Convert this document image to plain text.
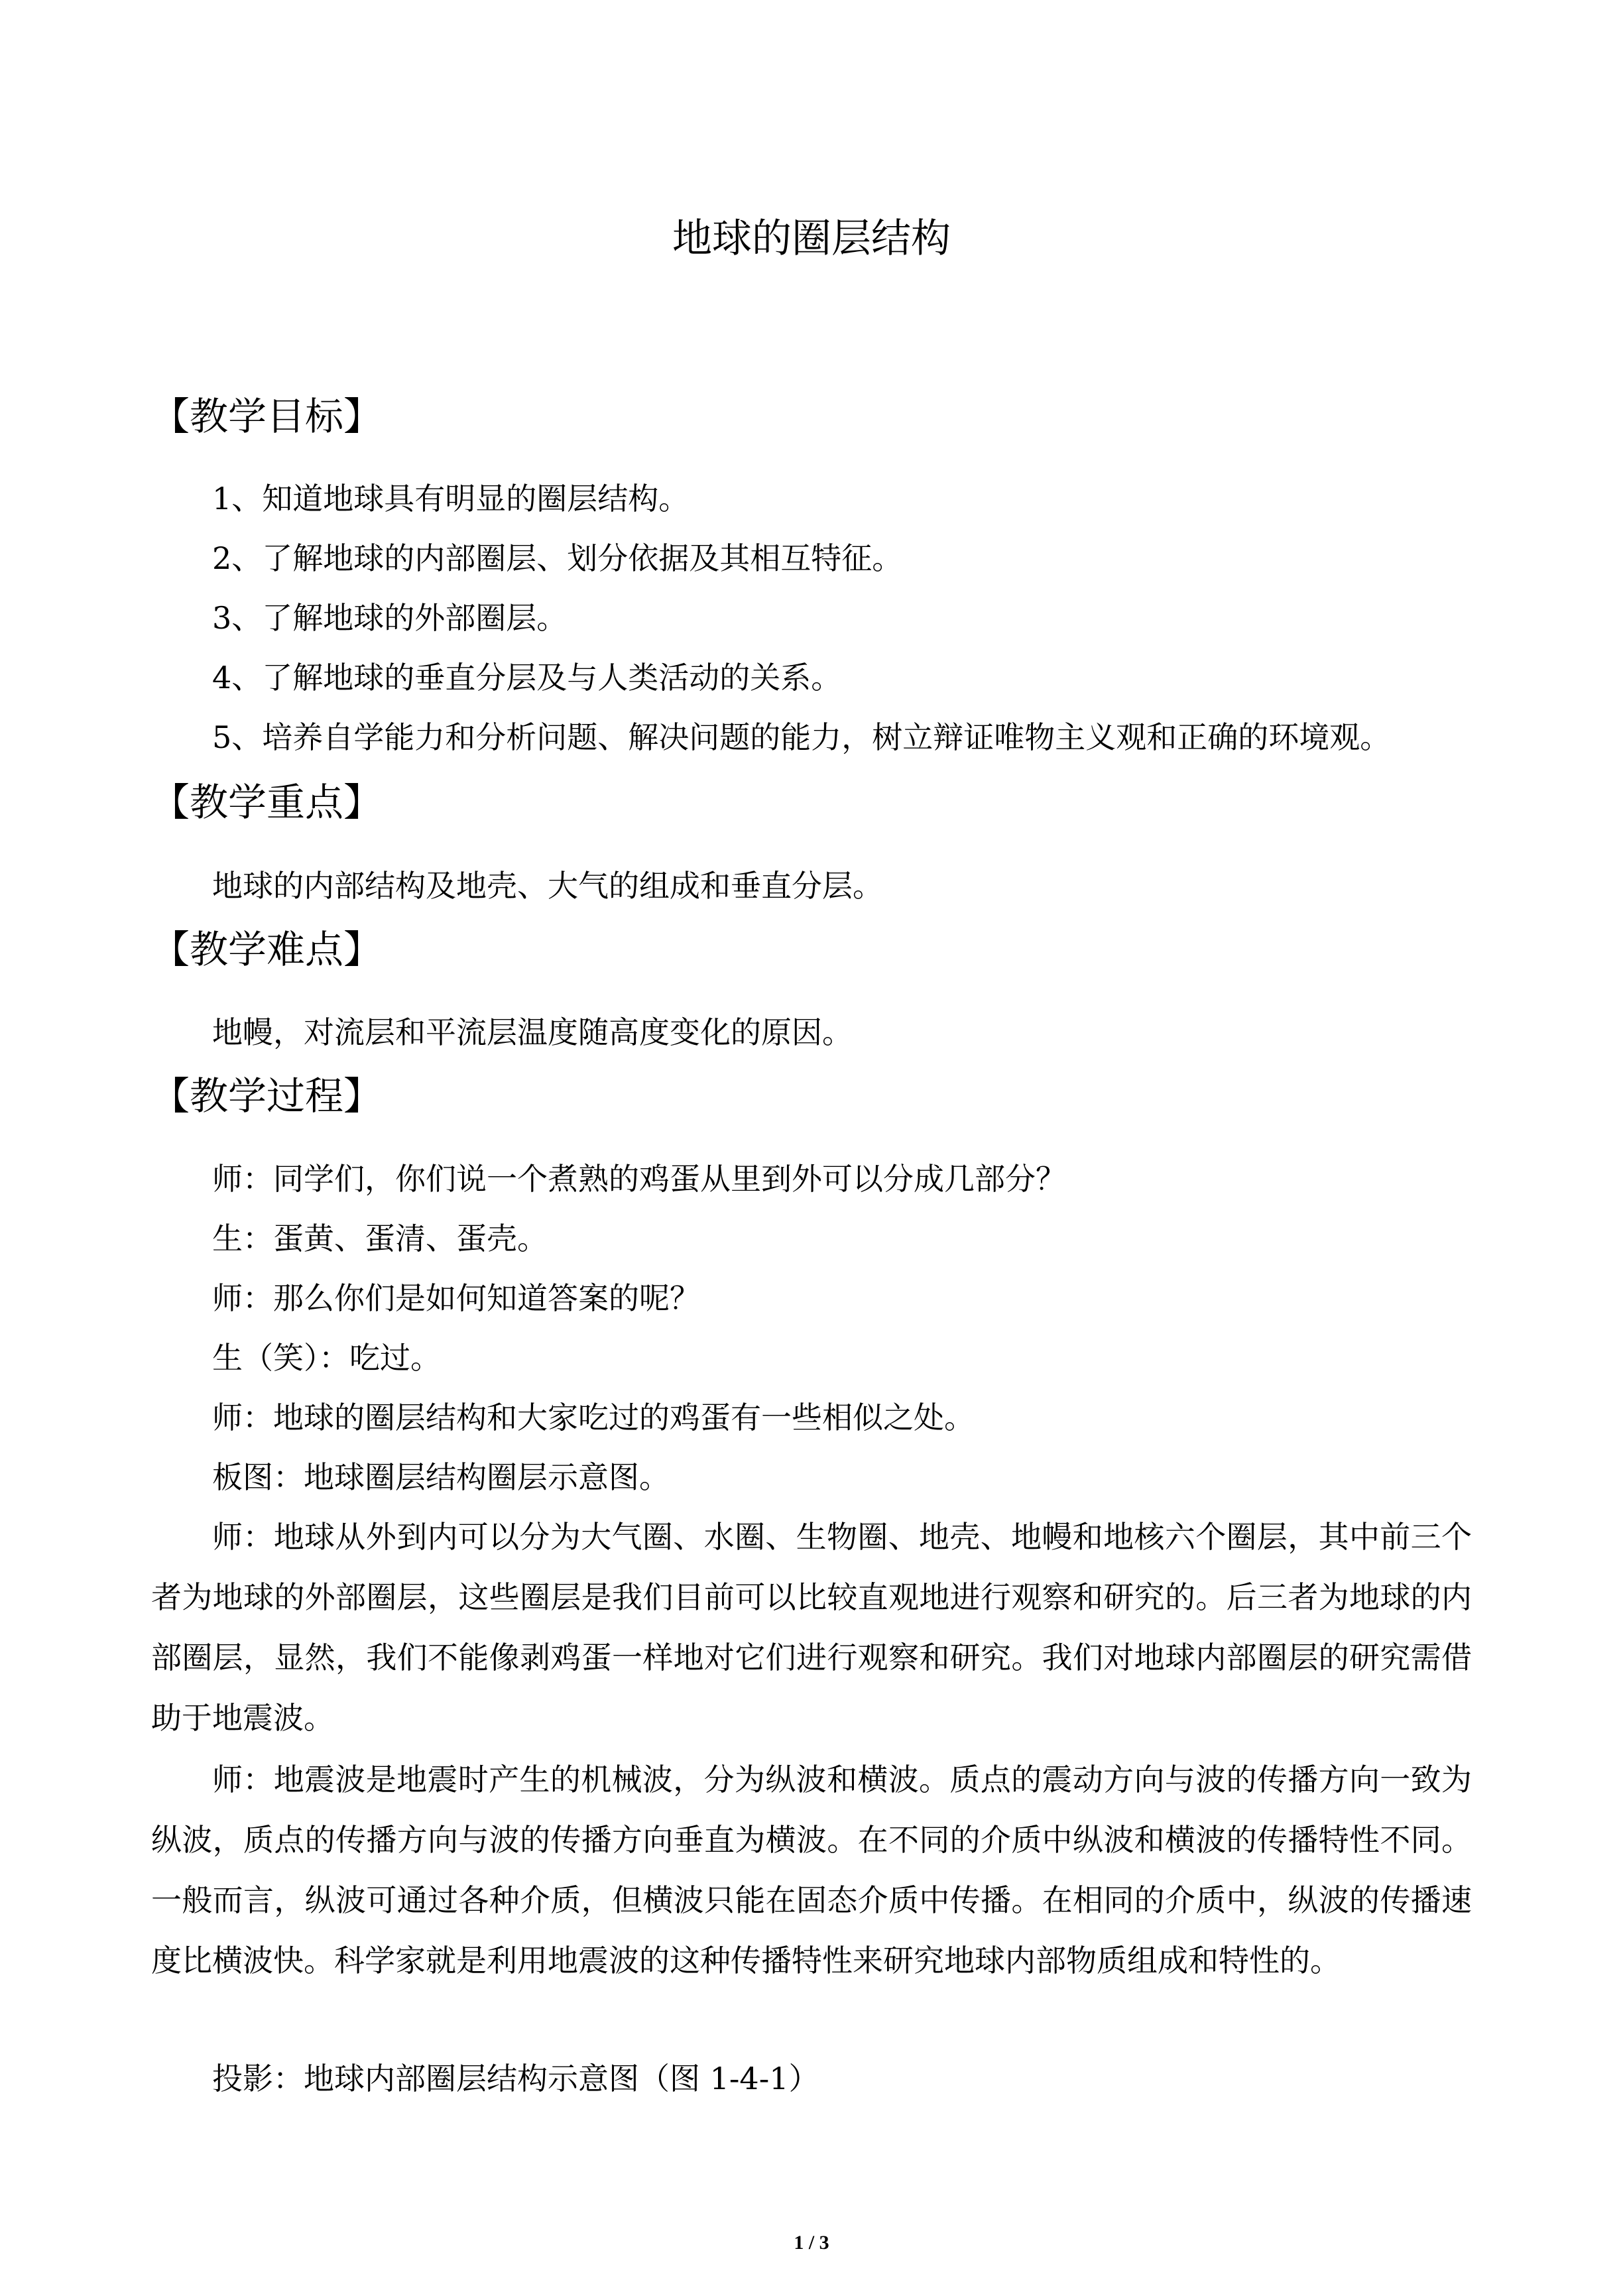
地球的圈层结构
【教学目标】
1、知道地球具有明显的圈层结构。
2、了解地球的内部圈层、划分依据及其相互特征。
3、了解地球的外部圈层。
4、了解地球的垂直分层及与人类活动的关系。
5、培养自学能力和分析问题、解决问题的能力，树立辩证唯物主义观和正确的环境观。
【教学重点】
地球的内部结构及地壳、大气的组成和垂直分层。
【教学难点】
地幔，对流层和平流层温度随高度变化的原因。
【教学过程】
师：同学们，你们说一个煮熟的鸡蛋从里到外可以分成几部分？
生：蛋黄、蛋清、蛋壳。
师：那么你们是如何知道答案的呢？
生（笑）：吃过。
师：地球的圈层结构和大家吃过的鸡蛋有一些相似之处。
板图：地球圈层结构圈层示意图。
师：地球从外到内可以分为大气圈、水圈、生物圈、地壳、地幔和地核六个圈层，其中前三个者为地球的外部圈层，这些圈层是我们目前可以比较直观地进行观察和研究的。后三者为地球的内部圈层，显然，我们不能像剥鸡蛋一样地对它们进行观察和研究。我们对地球内部圈层的研究需借助于地震波。
师：地震波是地震时产生的机械波，分为纵波和横波。质点的震动方向与波的传播方向一致为纵波，质点的传播方向与波的传播方向垂直为横波。在不同的介质中纵波和横波的传播特性不同。一般而言，纵波可通过各种介质，但横波只能在固态介质中传播。在相同的介质中，纵波的传播速度比横波快。科学家就是利用地震波的这种传播特性来研究地球内部物质组成和特性的。
投影：地球内部圈层结构示意图（图 1-4-1）
1 / 3
